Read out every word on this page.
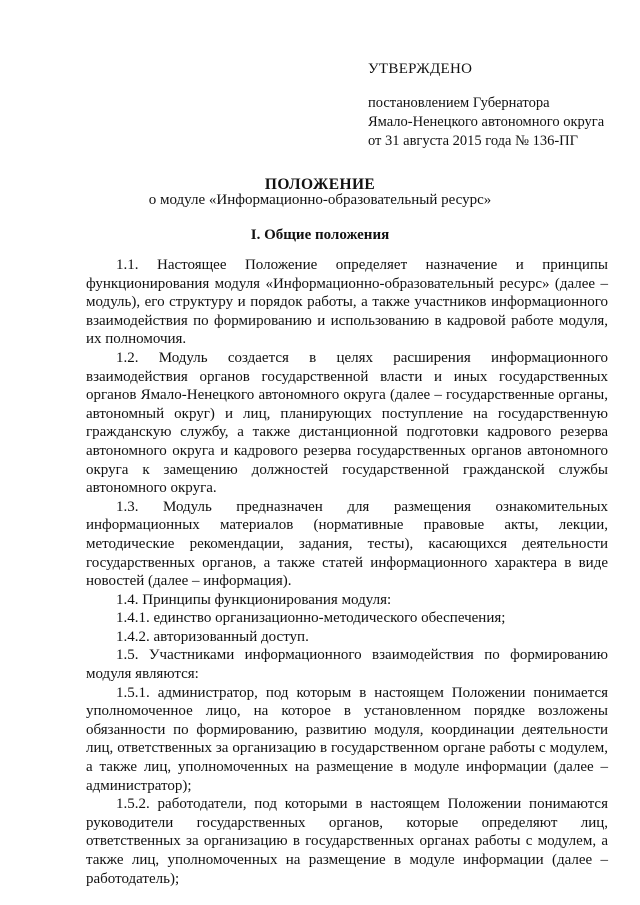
УТВЕРЖДЕНО
постановлением Губернатора
Ямало-Ненецкого автономного округа
от 31 августа 2015 года № 136-ПГ
ПОЛОЖЕНИЕ
о модуле «Информационно-образовательный ресурс»
I. Общие положения

1.1. Настоящее Положение определяет назначение и принципы функционирования модуля «Информационно-образовательный ресурс» (далее – модуль), его структуру и порядок работы, а также участников информационного взаимодействия по формированию и использованию в кадровой работе модуля, их полномочия.

1.2. Модуль создается в целях расширения информационного взаимодействия органов государственной власти и иных государственных органов Ямало-Ненецкого автономного округа (далее – государственные органы, автономный округ) и лиц, планирующих поступление на государственную гражданскую службу, а также дистанционной подготовки кадрового резерва автономного округа и кадрового резерва государственных органов автономного округа к замещению должностей государственной гражданской службы автономного округа.

1.3. Модуль предназначен для размещения ознакомительных информационных материалов (нормативные правовые акты, лекции, методические рекомендации, задания, тесты), касающихся деятельности государственных органов, а также статей информационного характера в виде новостей (далее – информация).

1.4. Принципы функционирования модуля:

1.4.1. единство организационно-методического обеспечения;

1.4.2. авторизованный доступ.

1.5. Участниками информационного взаимодействия по формированию модуля являются:

1.5.1. администратор, под которым в настоящем Положении понимается уполномоченное лицо, на которое в установленном порядке возложены обязанности по формированию, развитию модуля, координации деятельности лиц, ответственных за организацию в государственном органе работы с модулем, а также лиц, уполномоченных на размещение в модуле информации (далее – администратор);

1.5.2. работодатели, под которыми в настоящем Положении понимаются руководители государственных органов, которые определяют лиц, ответственных за организацию в государственных органах работы с модулем, а также лиц, уполномоченных на размещение в модуле информации (далее – работодатель);
